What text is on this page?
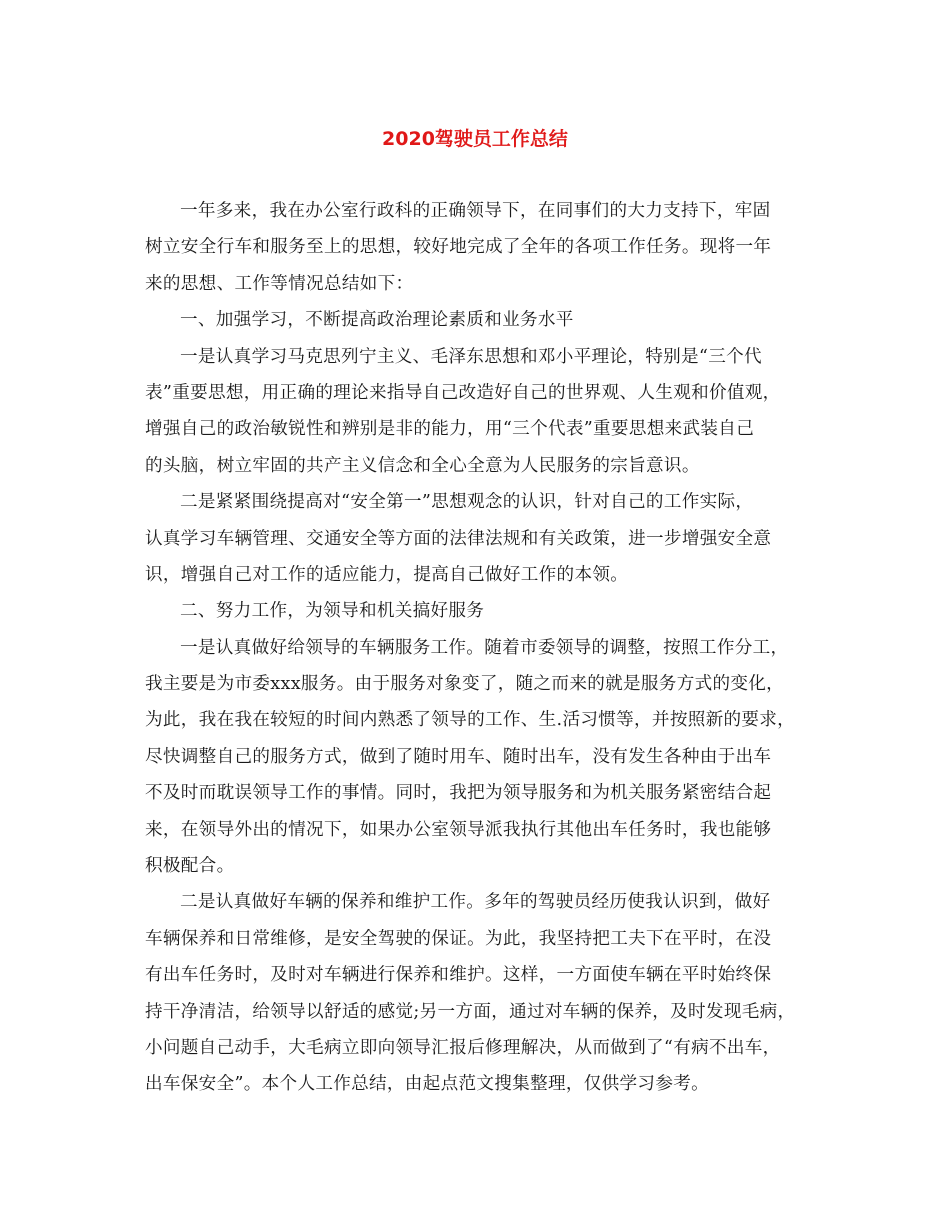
2020驾驶员工作总结
一年多来，我在办公室行政科的正确领导下，在同事们的大力支持下，牢固
树立安全行车和服务至上的思想，较好地完成了全年的各项工作任务。现将一年
来的思想、工作等情况总结如下：
一、加强学习，不断提高政治理论素质和业务水平
一是认真学习马克思列宁主义、毛泽东思想和邓小平理论，特别是“三个代
表”重要思想，用正确的理论来指导自己改造好自己的世界观、人生观和价值观，
增强自己的政治敏锐性和辨别是非的能力，用“三个代表”重要思想来武装自己
的头脑，树立牢固的共产主义信念和全心全意为人民服务的宗旨意识。
二是紧紧围绕提高对“安全第一”思想观念的认识，针对自己的工作实际，
认真学习车辆管理、交通安全等方面的法律法规和有关政策，进一步增强安全意
识，增强自己对工作的适应能力，提高自己做好工作的本领。
二、努力工作，为领导和机关搞好服务
一是认真做好给领导的车辆服务工作。随着市委领导的调整，按照工作分工，
我主要是为市委xxx服务。由于服务对象变了，随之而来的就是服务方式的变化，
为此，我在我在较短的时间内熟悉了领导的工作、生.活习惯等，并按照新的要求，
尽快调整自己的服务方式，做到了随时用车、随时出车，没有发生各种由于出车
不及时而耽误领导工作的事情。同时，我把为领导服务和为机关服务紧密结合起
来，在领导外出的情况下，如果办公室领导派我执行其他出车任务时，我也能够
积极配合。
二是认真做好车辆的保养和维护工作。多年的驾驶员经历使我认识到，做好
车辆保养和日常维修，是安全驾驶的保证。为此，我坚持把工夫下在平时，在没
有出车任务时，及时对车辆进行保养和维护。这样，一方面使车辆在平时始终保
持干净清洁，给领导以舒适的感觉;另一方面，通过对车辆的保养，及时发现毛病，
小问题自己动手，大毛病立即向领导汇报后修理解决，从而做到了“有病不出车，
出车保安全”。本个人工作总结，由起点范文搜集整理，仅供学习参考。
